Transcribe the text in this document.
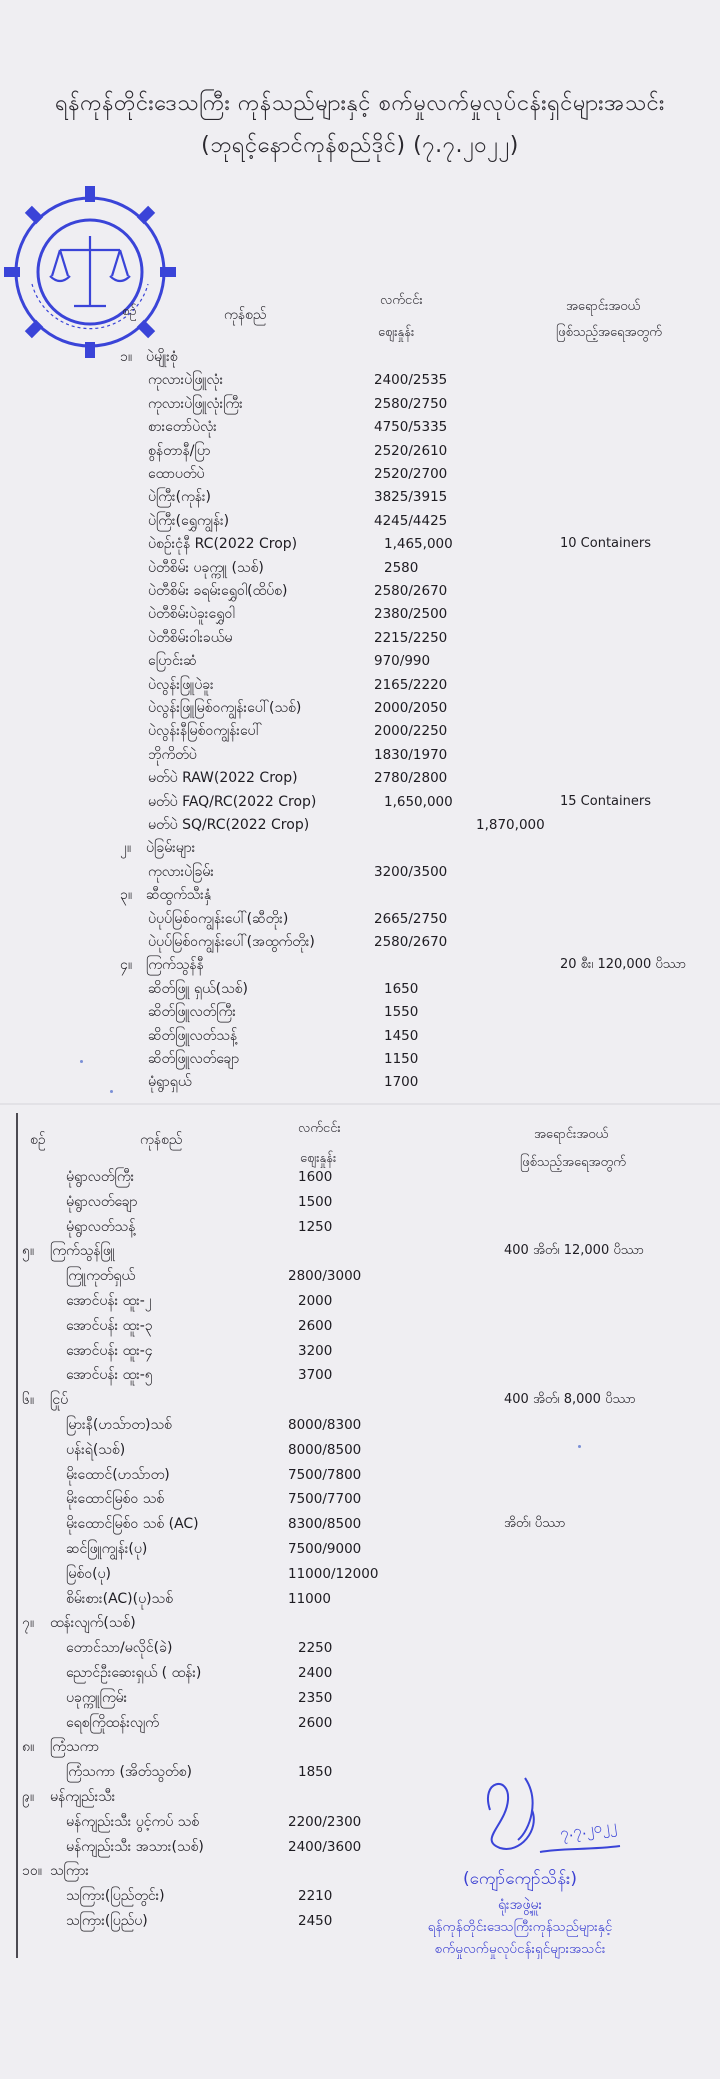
ရန်ကုန်တိုင်းဒေသကြီး ကုန်သည်များနှင့် စက်မှုလက်မှုလုပ်ငန်းရှင်များအသင်း
(ဘုရင့်နောင်ကုန်စည်ဒိုင်) (၇.၇.၂၀၂၂)
စဉ်	ကုန်စည်
လက်ငင်း
ဈေးနှုန်း
အရောင်းအဝယ်
ဖြစ်သည့်အရေအတွက်
၁။ ပဲမျိုးစုံ
ကုလားပဲဖြူလုံး	2400/2535
ကုလားပဲဖြူလုံးကြီး	2580/2750
စားတော်ပဲလုံး	4750/5335
စွန်တာနီ/ပြာ	2520/2610
ထောပတ်ပဲ	2520/2700
ပဲကြီး(ကုန်း)	3825/3915
ပဲကြီး(ရွှေကျွန်း)	4245/4425
ပဲစဉ်းငုံနီ RC(2022 Crop)	1,465,000	10 Containers
ပဲတီစိမ်း ပခုက္ကူ (သစ်)	2580
ပဲတီစိမ်း ခရမ်းရွှေဝါ(ထိပ်စ)	2580/2670
ပဲတီစိမ်းပဲခူးရွှေဝါ	2380/2500
ပဲတီစိမ်းဝါးခယ်မ	2215/2250
ပြောင်းဆံ	970/990
ပဲလွန်းဖြူပဲခူး	2165/2220
ပဲလွန်းဖြူမြစ်ဝကျွန်းပေါ်(သစ်)	2000/2050
ပဲလွန်းနီမြစ်ဝကျွန်းပေါ်	2000/2250
ဘိုကိတ်ပဲ	1830/1970
မတ်ပဲ RAW(2022 Crop)	2780/2800
မတ်ပဲ FAQ/RC(2022 Crop)	1,650,000	15 Containers
မတ်ပဲ SQ/RC(2022 Crop)	1,870,000
၂။ ပဲခြမ်းများ
ကုလားပဲခြမ်း	3200/3500
၃။ ဆီထွက်သီးနှံ
ပဲပုပ်မြစ်ဝကျွန်းပေါ်(ဆီတိုး)	2665/2750
ပဲပုပ်မြစ်ဝကျွန်းပေါ်(အထွက်တိုး)	2580/2670
၄။ ကြက်သွန်နီ	20 စီး၊ 120,000 ပိဿာ
ဆိတ်ဖြူ ရှယ်(သစ်)	1650
ဆိတ်ဖြူလတ်ကြီး	1550
ဆိတ်ဖြူလတ်သန့်	1450
ဆိတ်ဖြူလတ်ချော	1150
မုံရွာရှယ်	1700
စဉ်	ကုန်စည်
လက်ငင်း
ဈေးနှုန်း
အရောင်းအဝယ်
ဖြစ်သည့်အရေအတွက်
မုံရွာလတ်ကြီး	1600
မုံရွာလတ်ချော	1500
မုံရွာလတ်သန့်	1250
၅။ ကြက်သွန်ဖြူ	400 အိတ်၊ 12,000 ပိဿာ
ကြူကုတ်ရှယ်	2800/3000
အောင်ပန်း ထူး-၂	2000
အောင်ပန်း ထူး-၃	2600
အောင်ပန်း ထူး-၄	3200
အောင်ပန်း ထူး-၅	3700
၆။ ငြုပ်	400 အိတ်၊ 8,000 ပိဿာ
မြားနီ(ဟသ်ာတ)သစ်	8000/8300
ပန်းရဲ(သစ်)	8000/8500
မိုးထောင်(ဟသ်ာတ)	7500/7800
မိုးထောင်မြစ်ဝ သစ်	7500/7700
မိုးထောင်မြစ်ဝ သစ် (AC)	8300/8500	အိတ်၊ ပိဿာ
ဆင်ဖြူကျွန်း(ပု)	7500/9000
မြစ်ဝ(ပု)	11000/12000
စိမ်းစား(AC)(ပု)သစ်	11000
၇။ ထန်းလျက်(သစ်)
တောင်သာ/မလိုင်(ခဲ)	2250
ညောင်ဦးဆေးရှယ် ( ထန်း)	2400
ပခုက္ကူကြမ်း	2350
ရေစကြိုထန်းလျက်	2600
၈။ ကြံသကာ
ကြံသကာ (အိတ်သွတ်စ)	1850
၉။ မန်ကျည်းသီး
မန်ကျည်းသီး ပွင့်ကပ် သစ်	2200/2300
မန်ကျည်းသီး အသား(သစ်)	2400/3600
၁၀။ သကြား
သကြား(ပြည်တွင်း)	2210
သကြား(ပြည်ပ)	2450
၇.၇.၂၀၂၂
(ကျော်ကျော်သိန်း)
ရုံးအဖွဲ့မှူး
ရန်ကုန်တိုင်းဒေသကြီးကုန်သည်များနှင့်
စက်မှုလက်မှုလုပ်ငန်းရှင်များအသင်း
